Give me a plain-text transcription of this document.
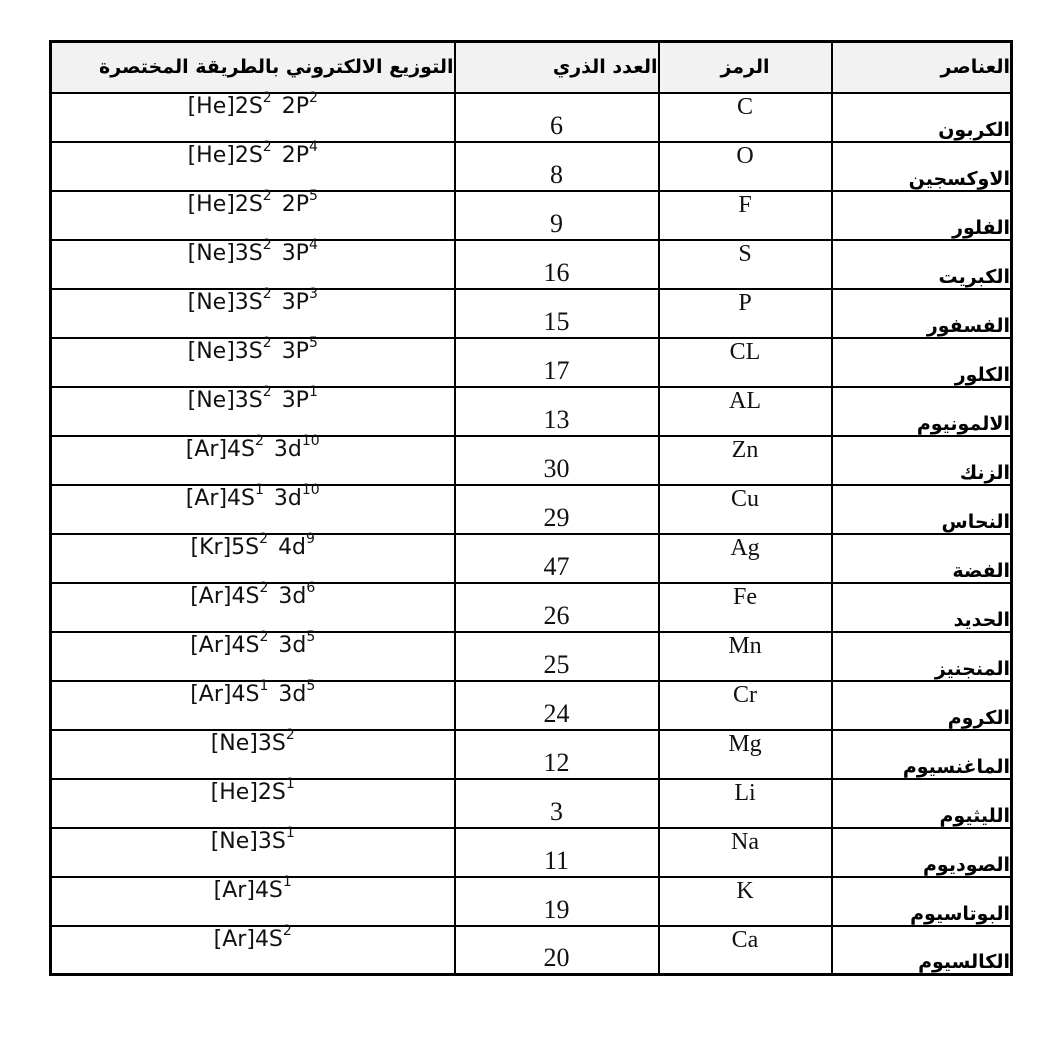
التوزيع الالكتروني بالطريقة المختصرة	العدد الذري	الرمز	العناصر
$[He]2S^2$ $2P^2$	6	C	الكربون
$[He]2S^2$ $2P^4$	8	O	الاوكسجين
$[He]2S^2$ $2P^5$	9	F	الفلور
$[Ne]3S^2$ $3P^4$	16	S	الكبريت
$[Ne]3S^2$ $3P^3$	15	P	الفسفور
$[Ne]3S^2$ $3P^5$	17	CL	الكلور
$[Ne]3S^2$ $3P^1$	13	AL	الالمونيوم
$[Ar]4S^2$ $3d^{10}$	30	Zn	الزنك
$[Ar]4S^1$ $3d^{10}$	29	Cu	النحاس
$[Kr]5S^2$ $4d^9$	47	Ag	الفضة
$[Ar]4S^2$ $3d^6$	26	Fe	الحديد
$[Ar]4S^2$ $3d^5$	25	Mn	المنجنيز
$[Ar]4S^1$ $3d^5$	24	Cr	الكروم
$[Ne]3S^2$	12	Mg	الماغنسيوم
$[He]2S^1$	3	Li	الليثيوم
$[Ne]3S^1$	11	Na	الصوديوم
$[Ar]4S^1$	19	K	البوتاسيوم
$[Ar]4S^2$	20	Ca	الكالسيوم
